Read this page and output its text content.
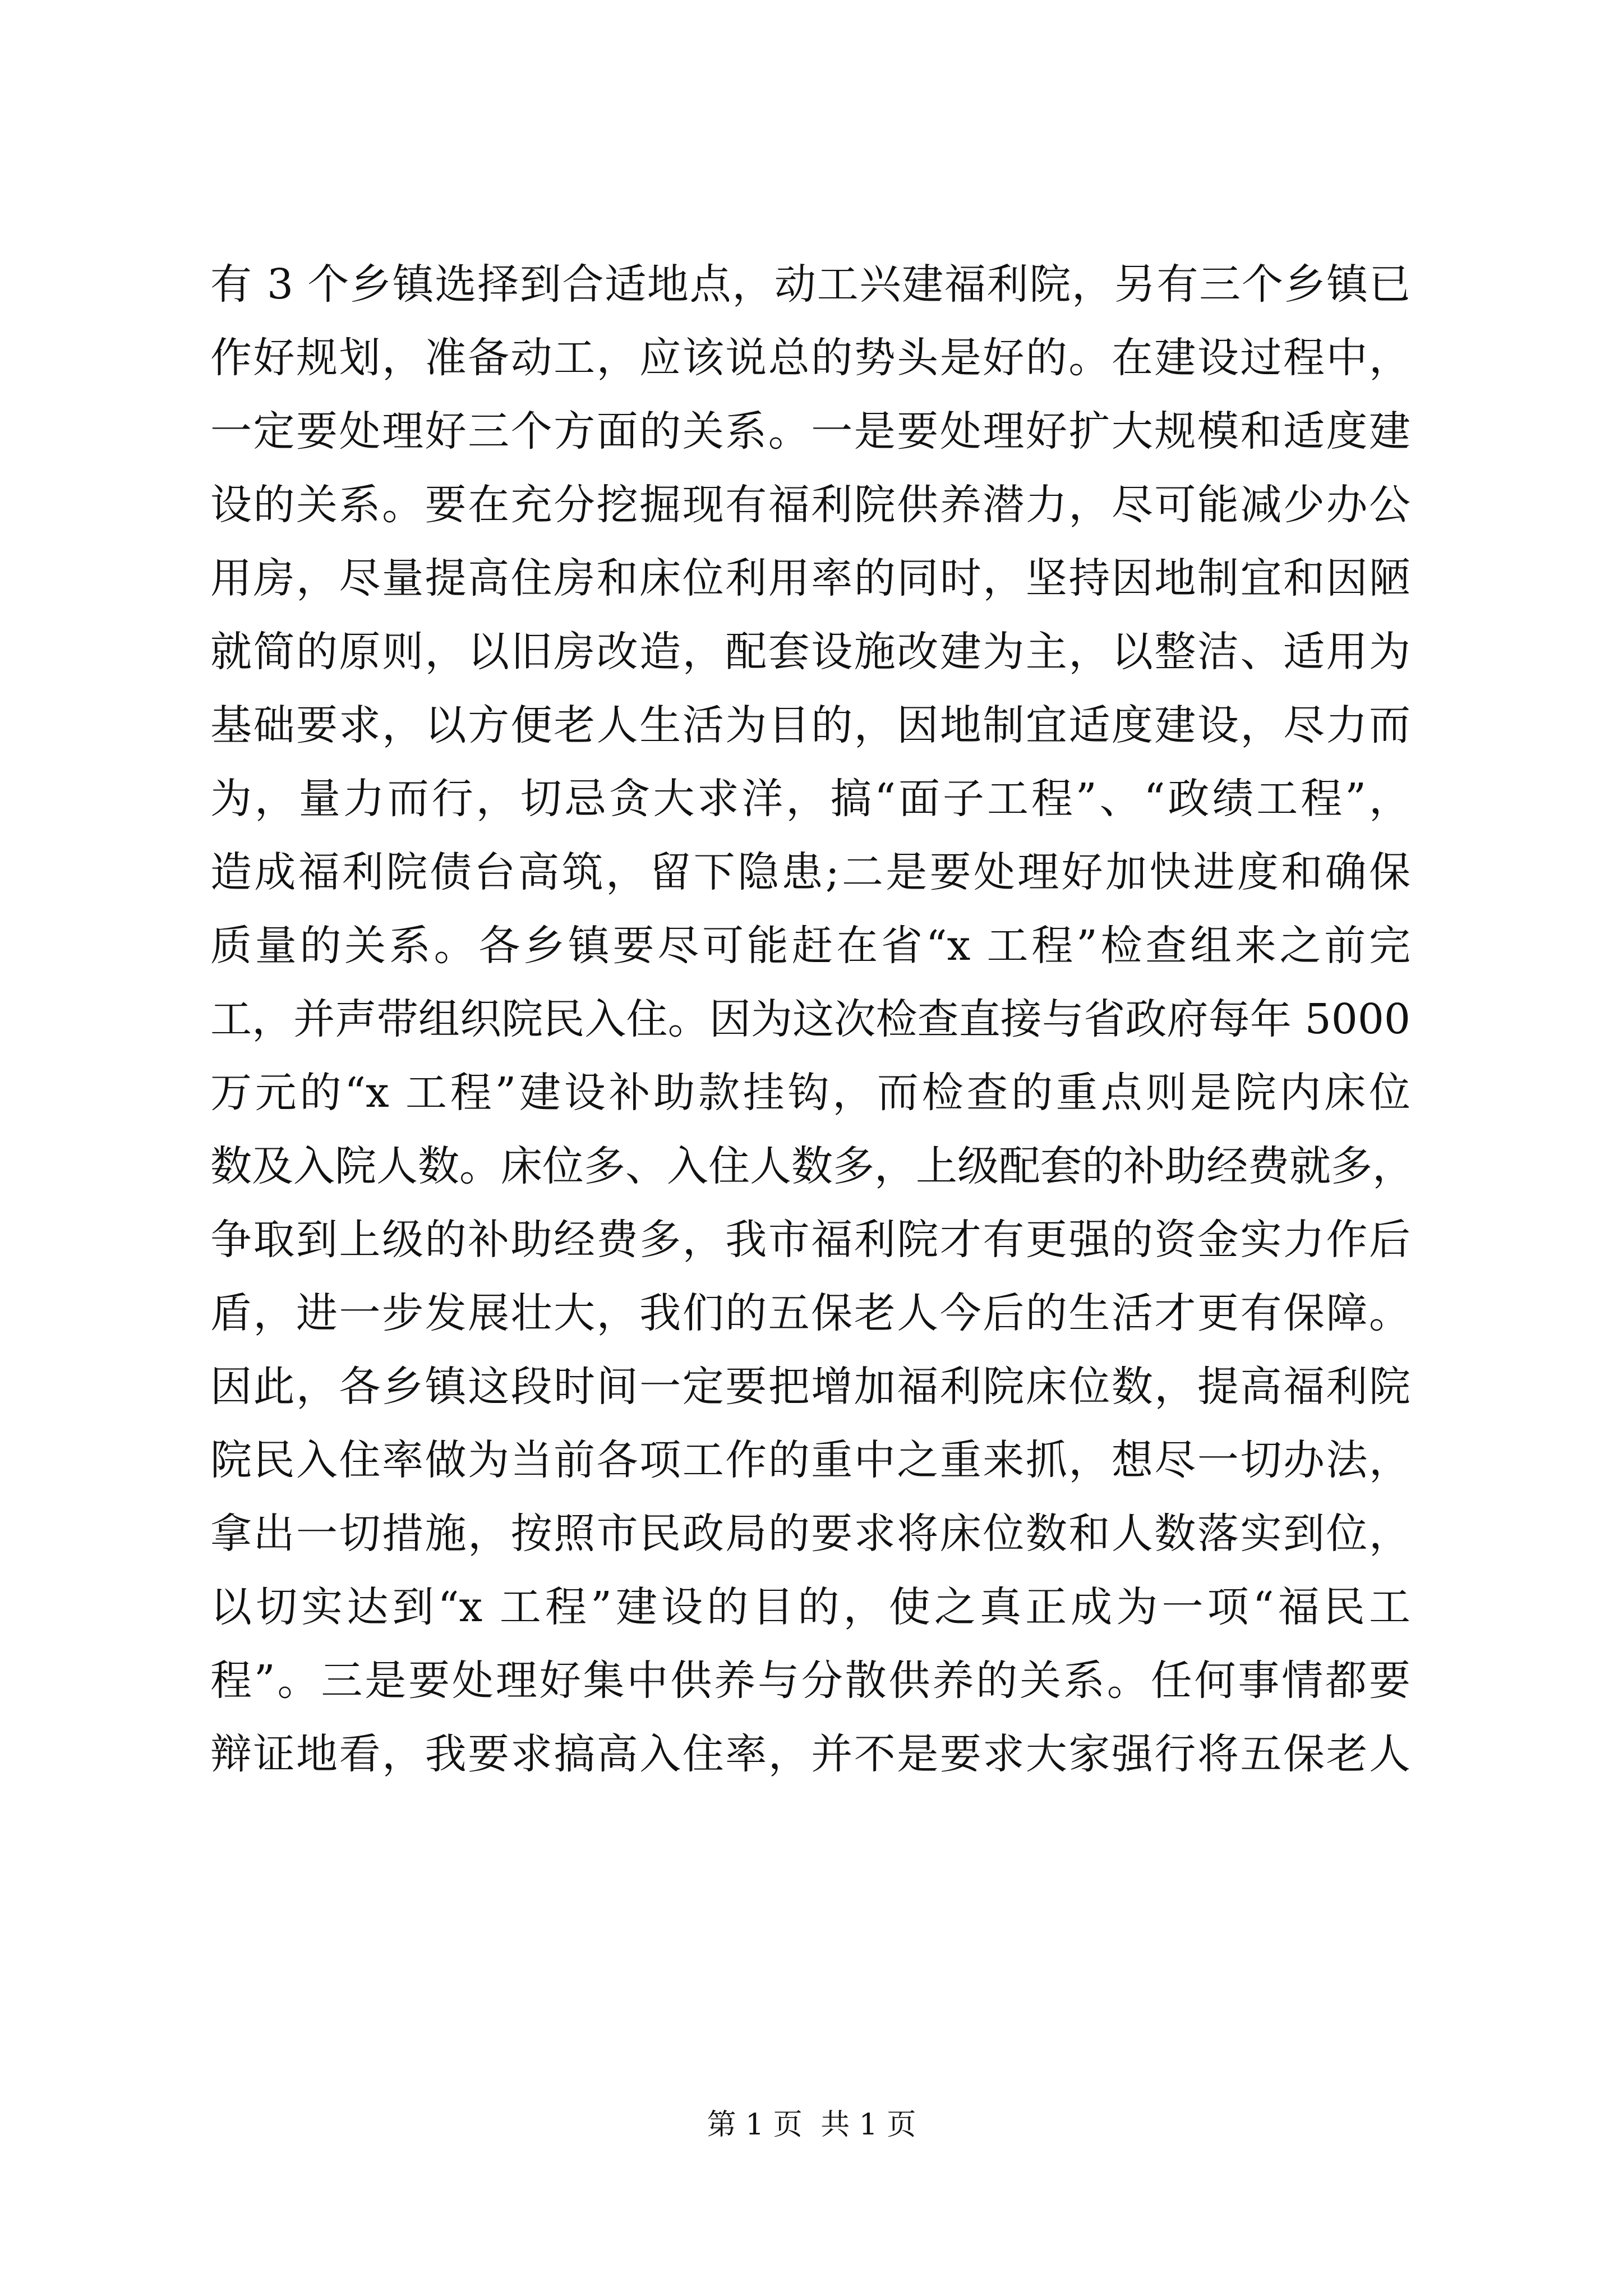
有 3 个乡镇选择到合适地点，动工兴建福利院，另有三个乡镇已
作好规划，准备动工，应该说总的势头是好的。在建设过程中，
一定要处理好三个方面的关系。一是要处理好扩大规模和适度建
设的关系。要在充分挖掘现有福利院供养潜力，尽可能减少办公
用房，尽量提高住房和床位利用率的同时，坚持因地制宜和因陋
就简的原则，以旧房改造，配套设施改建为主，以整洁、适用为
基础要求，以方便老人生活为目的，因地制宜适度建设，尽力而
为，量力而行，切忌贪大求洋，搞“面子工程”、“政绩工程”，
造成福利院债台高筑，留下隐患;二是要处理好加快进度和确保
质量的关系。各乡镇要尽可能赶在省“x 工程”检查组来之前完
工，并声带组织院民入住。因为这次检查直接与省政府每年 5000
万元的“x 工程”建设补助款挂钩，而检查的重点则是院内床位
数及入院人数。床位多、入住人数多，上级配套的补助经费就多，
争取到上级的补助经费多，我市福利院才有更强的资金实力作后
盾，进一步发展壮大，我们的五保老人今后的生活才更有保障。
因此，各乡镇这段时间一定要把增加福利院床位数，提高福利院
院民入住率做为当前各项工作的重中之重来抓，想尽一切办法，
拿出一切措施，按照市民政局的要求将床位数和人数落实到位，
以切实达到“x 工程”建设的目的，使之真正成为一项“福民工
程”。三是要处理好集中供养与分散供养的关系。任何事情都要
辩证地看，我要求搞高入住率，并不是要求大家强行将五保老人
第 1 页 共 1 页
